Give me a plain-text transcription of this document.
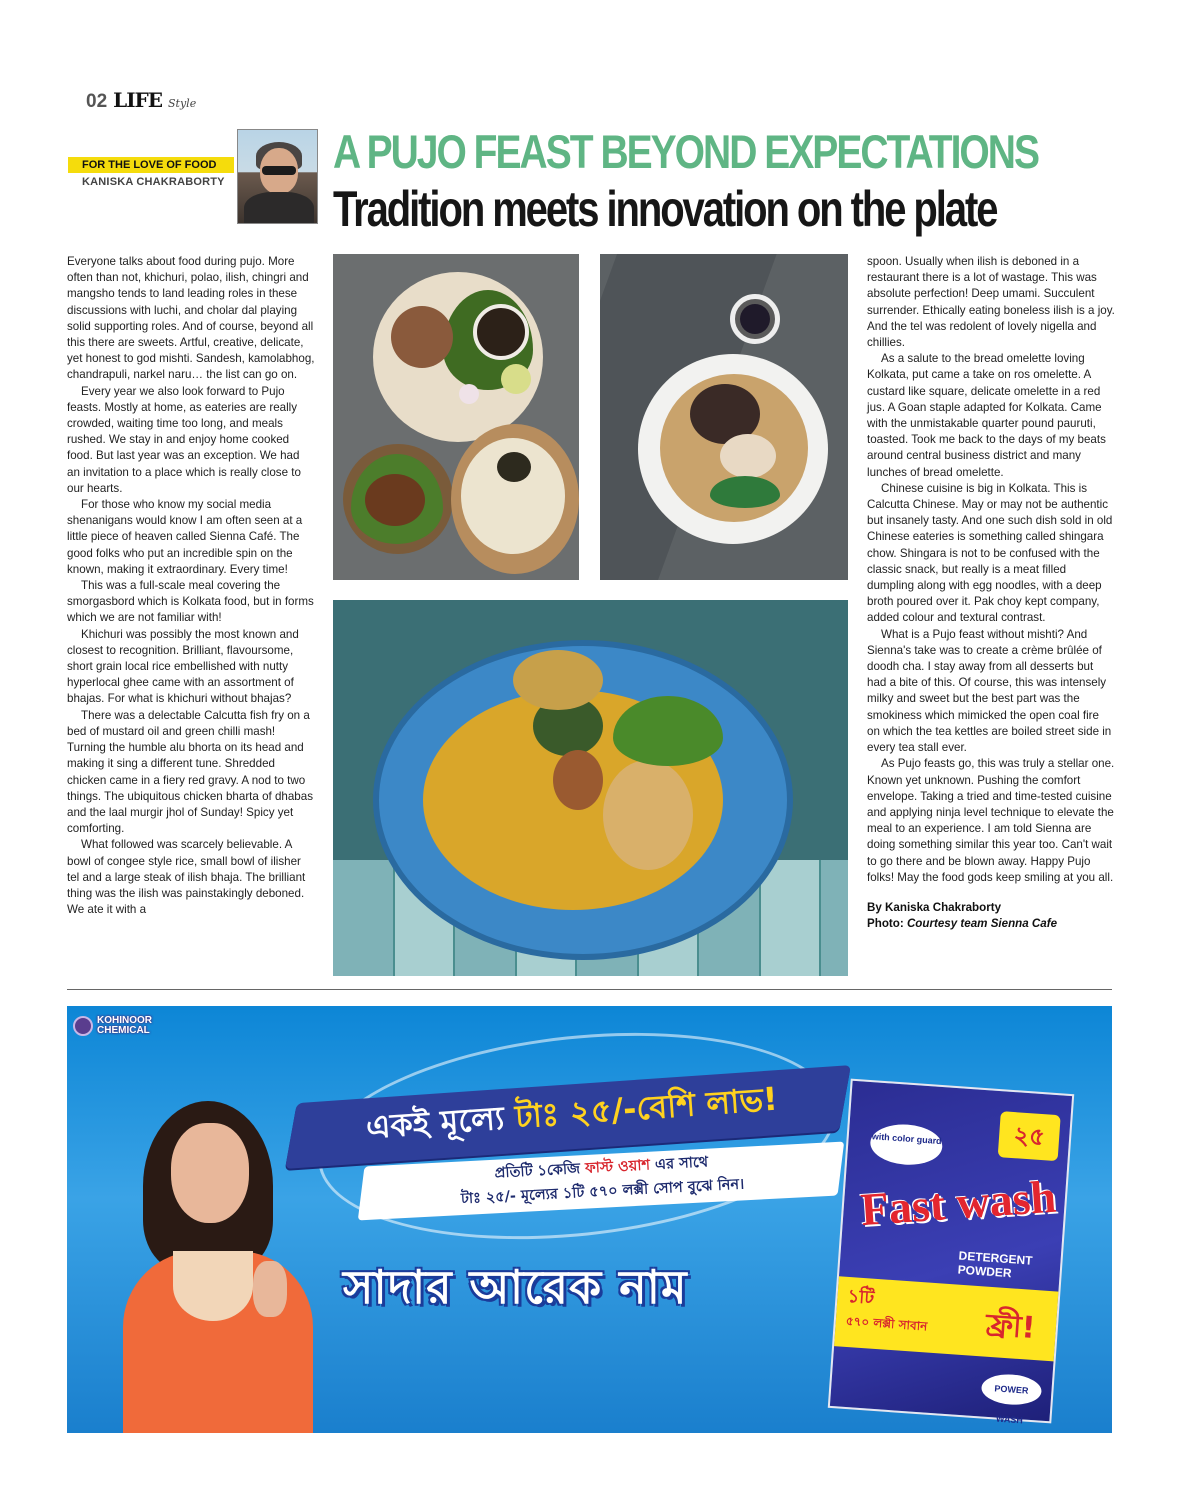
02 LIFE Style
FOR THE LOVE OF FOOD
KANISKA CHAKRABORTY
A PUJO FEAST BEYOND EXPECTATIONS
Tradition meets innovation on the plate

Everyone talks about food during pujo. More often than not, khichuri, polao, ilish, chingri and mangsho tends to land leading roles in these discussions with luchi, and cholar dal playing solid supporting roles. And of course, beyond all this there are sweets. Artful, creative, delicate, yet honest to god mishti. Sandesh, kamolabhog, chandrapuli, narkel naru… the list can go on.

Every year we also look forward to Pujo feasts. Mostly at home, as eateries are really crowded, waiting time too long, and meals rushed. We stay in and enjoy home cooked food. But last year was an exception. We had an invitation to a place which is really close to our hearts.

For those who know my social media shenanigans would know I am often seen at a little piece of heaven called Sienna Café. The good folks who put an incredible spin on the known, making it extraordinary. Every time!

This was a full-scale meal covering the smorgasbord which is Kolkata food, but in forms which we are not familiar with!

Khichuri was possibly the most known and closest to recognition. Brilliant, flavoursome, short grain local rice embellished with nutty hyperlocal ghee came with an assortment of bhajas. For what is khichuri without bhajas?

There was a delectable Calcutta fish fry on a bed of mustard oil and green chilli mash! Turning the humble alu bhorta on its head and making it sing a different tune. Shredded chicken came in a fiery red gravy. A nod to two things. The ubiquitous chicken bharta of dhabas and the laal murgir jhol of Sunday! Spicy yet comforting.

What followed was scarcely believable. A bowl of congee style rice, small bowl of ilisher tel and a large steak of ilish bhaja. The brilliant thing was the ilish was painstakingly deboned. We ate it with a

spoon. Usually when ilish is deboned in a restaurant there is a lot of wastage. This was absolute perfection! Deep umami. Succulent surrender. Ethically eating boneless ilish is a joy. And the tel was redolent of lovely nigella and chillies.

As a salute to the bread omelette loving Kolkata, put came a take on ros omelette. A custard like square, delicate omelette in a red jus. A Goan staple adapted for Kolkata. Came with the unmistakable quarter pound pauruti, toasted. Took me back to the days of my beats around central business district and many lunches of bread omelette.

Chinese cuisine is big in Kolkata. This is Calcutta Chinese. May or may not be authentic but insanely tasty. And one such dish sold in old Chinese eateries is something called shingara chow. Shingara is not to be confused with the classic snack, but really is a meat filled dumpling along with egg noodles, with a deep broth poured over it. Pak choy kept company, added colour and textural contrast.

What is a Pujo feast without mishti? And Sienna's take was to create a crème brûlée of doodh cha. I stay away from all desserts but had a bite of this. Of course, this was intensely milky and sweet but the best part was the smokiness which mimicked the open coal fire on which the tea kettles are boiled street side in every tea stall ever.

As Pujo feasts go, this was truly a stellar one. Known yet unknown. Pushing the comfort envelope. Taking a tried and time-tested cuisine and applying ninja level technique to elevate the meal to an experience. I am told Sienna are doing something similar this year too. Can't wait to go there and be blown away. Happy Pujo folks! May the food gods keep smiling at you all.

By Kaniska Chakraborty
Photo: Courtesy team Sienna Cafe
KOHINOOR CHEMICAL
একই মূল্যে টাঃ ২৫/-বেশি লাভ!
প্রতিটি ১কেজি ফাস্ট ওয়াশ এর সাথে
টাঃ ২৫/- মূল্যের ১টি ৫৭০ লক্সী সোপ বুঝে নিন।
সাদার আরেক নাম
with color guard	২৫
Fast wash
DETERGENT
POWDER
১টি
৫৭০ লক্সী সাবান ফ্রী!
POWER WASH
